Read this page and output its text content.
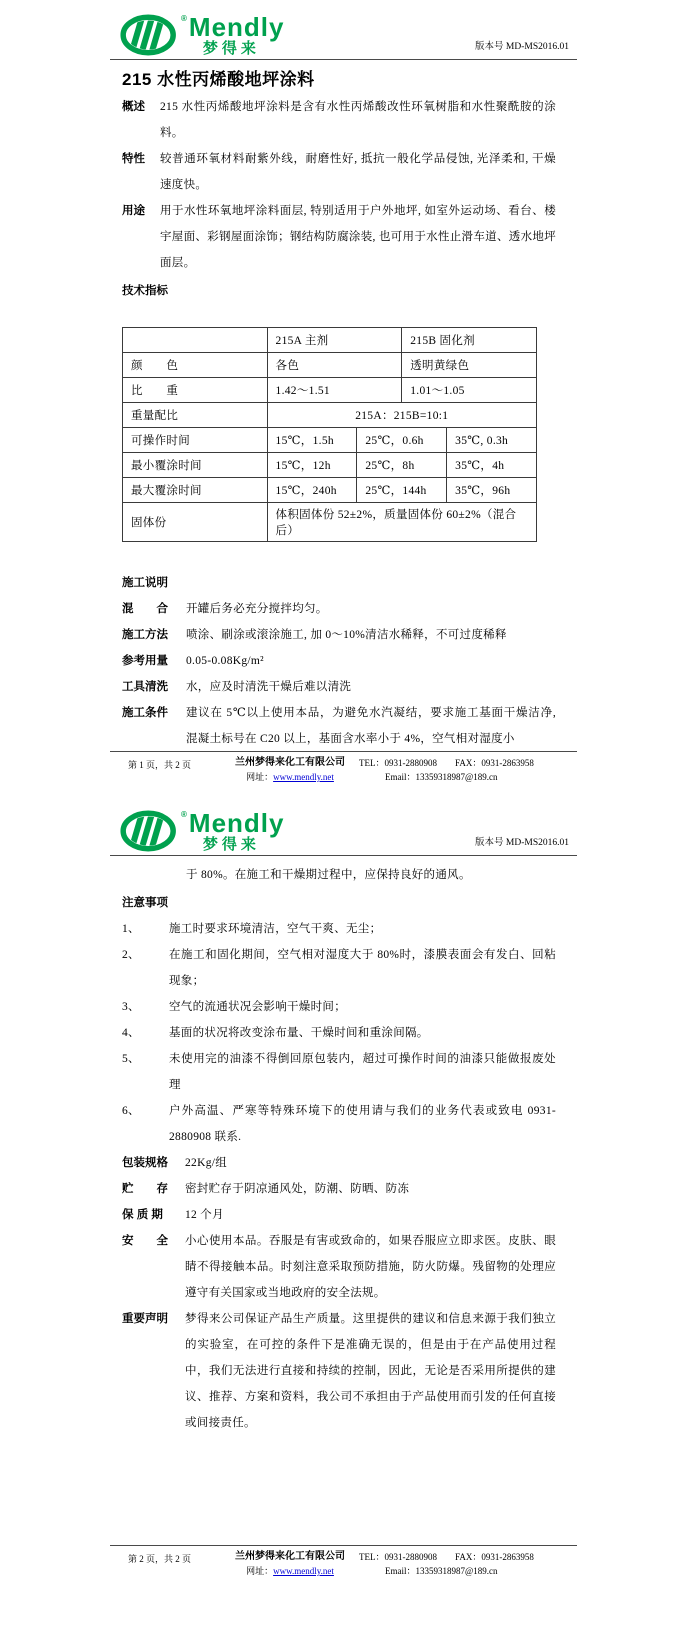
® Mendly
梦得来	版本号 MD-MS2016.01
215 水性丙烯酸地坪涂料
概述	215 水性丙烯酸地坪涂料是含有水性丙烯酸改性环氧树脂和水性聚酰胺的涂料。
特性	较普通环氧材料耐紫外线，耐磨性好, 抵抗一般化学品侵蚀, 光泽柔和, 干燥速度快。
用途	用于水性环氧地坪涂料面层, 特别适用于户外地坪, 如室外运动场、看台、楼宇屋面、彩钢屋面涂饰；钢结构防腐涂装, 也可用于水性止滑车道、透水地坪面层。
技术指标
	215A 主剂		215B 固化剂	
颜　　色	各色		透明黄绿色	
比　　重	1.42～1.51		1.01～1.05	
重量配比	215A：215B=10:1			
可操作时间	15℃，1.5h	25℃，0.6h		35℃, 0.3h
最小覆涂时间	15℃，12h	25℃，8h		35℃，4h
最大覆涂时间	15℃，240h	25℃，144h		35℃，96h
固体份	体积固体份 52±2%，质量固体份 60±2%（混合后）			
施工说明
混　　合	开罐后务必充分搅拌均匀。
施工方法	喷涂、刷涂或滚涂施工, 加 0～10%清洁水稀释，不可过度稀释
参考用量	0.05-0.08Kg/m²
工具清洗	水，应及时清洗干燥后难以清洗
施工条件	建议在 5℃以上使用本品，为避免水汽凝结，要求施工基面干燥洁净, 混凝土标号在 C20 以上，基面含水率小于 4%，空气相对湿度小
第 1 页，共 2 页	兰州梦得来化工有限公司
网址：www.mendly.net
TEL：0931-2880908 FAX：0931-2863958
Email： 13359318987@189.cn
® Mendly
梦得来	版本号 MD-MS2016.01
于 80%。在施工和干燥期过程中，应保持良好的通风。
注意事项
1、	施工时要求环境清洁，空气干爽、无尘；
2、	在施工和固化期间，空气相对湿度大于 80%时，漆膜表面会有发白、回粘现象；
3、	空气的流通状况会影响干燥时间；
4、	基面的状况将改变涂布量、干燥时间和重涂间隔。
5、	未使用完的油漆不得倒回原包装内，超过可操作时间的油漆只能做报废处理
6、	户外高温、严寒等特殊环境下的使用请与我们的业务代表或致电 0931-2880908 联系.
包装规格	22Kg/组
贮　　存	密封贮存于阴凉通风处，防潮、防晒、防冻
保 质 期	12 个月
安　　全	小心使用本品。吞服是有害或致命的，如果吞服应立即求医。皮肤、眼睛不得接触本品。时刻注意采取预防措施，防火防爆。残留物的处理应遵守有关国家或当地政府的安全法规。
重要声明	梦得来公司保证产品生产质量。这里提供的建议和信息来源于我们独立的实验室，在可控的条件下是准确无误的，但是由于在产品使用过程中，我们无法进行直接和持续的控制，因此，无论是否采用所提供的建议、推荐、方案和资料，我公司不承担由于产品使用而引发的任何直接或间接责任。
第 2 页，共 2 页	兰州梦得来化工有限公司
网址：www.mendly.net
TEL：0931-2880908 FAX：0931-2863958
Email： 13359318987@189.cn
